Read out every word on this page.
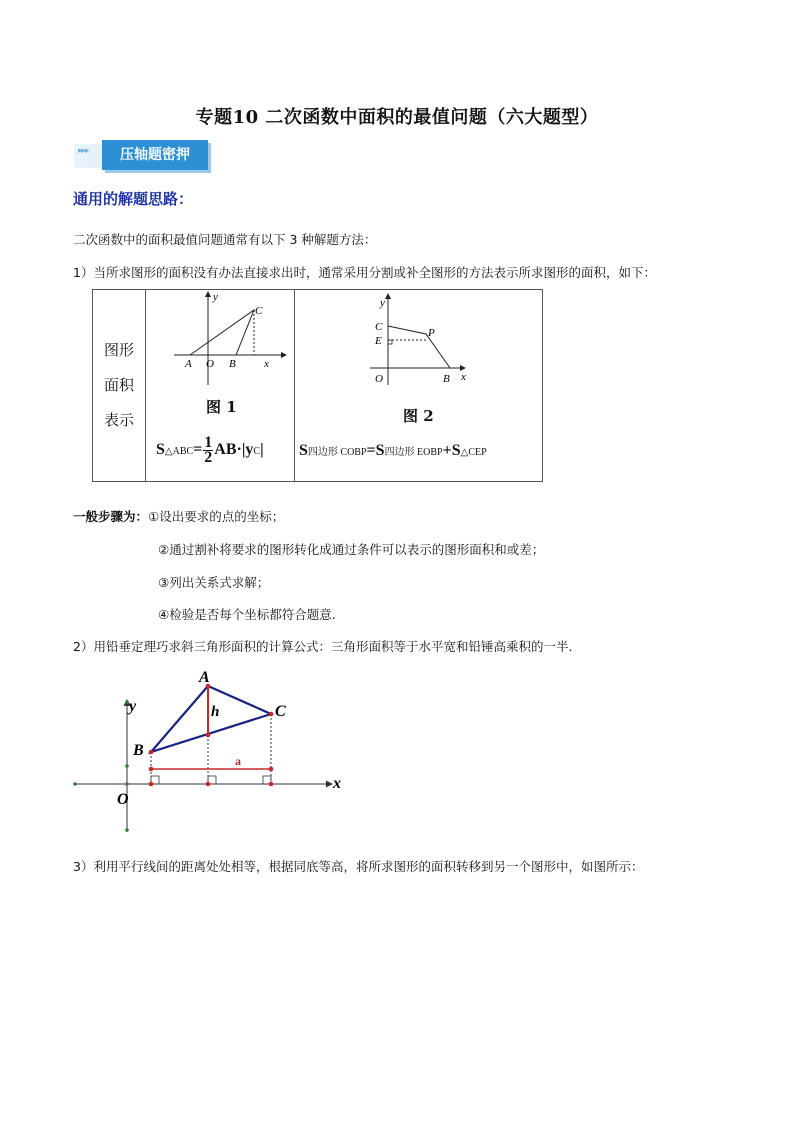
专题10 二次函数中面积的最值问题（六大题型）
▸▸▸	压轴题密押
通用的解题思路：
二次函数中的面积最值问题通常有以下 3 种解题方法：
1）当所求图形的面积没有办法直接求出时，通常采用分割或补全图形的方法表示所求图形的面积，如下：
图形
面积
表示

y
x
O
A	B
C
图 1
S△ABC= $\frac{1}{2} AB\cdot|yC|$

y
x
O	B
C
E
P
图 2
S四边形 COBP=S四边形 EOBP+S△CEP
一般步骤为：①设出要求的点的坐标；
②通过割补将要求的图形转化成通过条件可以表示的图形面积和或差；
③列出关系式求解；
④检验是否每个坐标都符合题意.
2）用铅垂定理巧求斜三角形面积的计算公式：三角形面积等于水平宽和铅锤高乘积的一半.
A
B
C
h
a
x
y
O
3）利用平行线间的距离处处相等，根据同底等高，将所求图形的面积转移到另一个图形中，如图所示：
